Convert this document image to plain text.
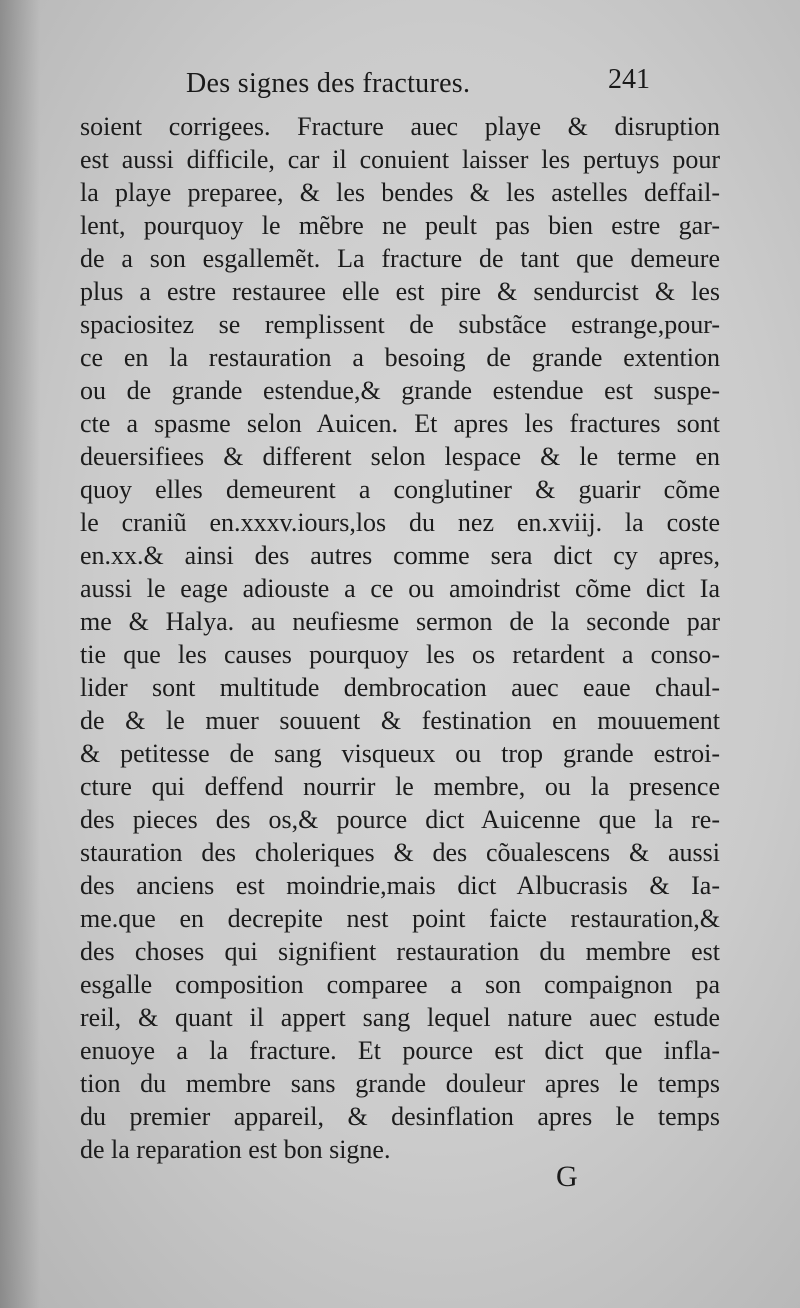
Des signes des fractures.	241
soient corrigees. Fracture auec playe & disruption
est aussi difficile, car il conuient laisser les pertuys pour
la playe preparee, & les bendes & les astelles deffail-
lent, pourquoy le mẽbre ne peult pas bien estre gar-
de a son esgallemẽt. La fracture de tant que demeure
plus a estre restauree elle est pire & sendurcist & les
spaciositez se remplissent de substãce estrange,pour-
ce en la restauration a besoing de grande extention
ou de grande estendue,& grande estendue est suspe-
cte a spasme selon Auicen. Et apres les fractures sont
deuersifiees & different selon lespace & le terme en
quoy elles demeurent a conglutiner & guarir cõme
le craniũ en.xxxv.iours,los du nez en.xviij. la coste
en.xx.& ainsi des autres comme sera dict cy apres,
aussi le eage adiouste a ce ou amoindrist cõme dict Ia
me & Halya. au neufiesme sermon de la seconde par
tie que les causes pourquoy les os retardent a conso-
lider sont multitude dembrocation auec eaue chaul-
de & le muer souuent & festination en mouuement
& petitesse de sang visqueux ou trop grande estroi-
cture qui deffend nourrir le membre, ou la presence
des pieces des os,& pource dict Auicenne que la re-
stauration des choleriques & des cõualescens & aussi
des anciens est moindrie,mais dict Albucrasis & Ia-
me.que en decrepite nest point faicte restauration,&
des choses qui signifient restauration du membre est
esgalle composition comparee a son compaignon pa
reil, & quant il appert sang lequel nature auec estude
enuoye a la fracture. Et pource est dict que infla-
tion du membre sans grande douleur apres le temps
du premier appareil, & desinflation apres le temps
de la reparation est bon signe.
G
